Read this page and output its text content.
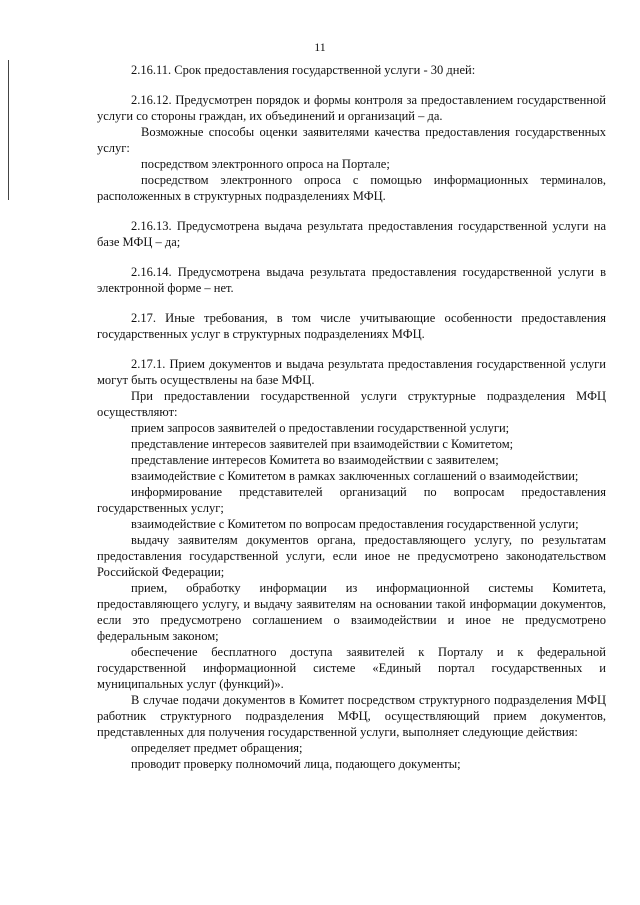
11

2.16.11. Срок предоставления государственной услуги - 30 дней:

2.16.12. Предусмотрен порядок и формы контроля за предоставлением государственной услуги со стороны граждан, их объединений и организаций – да.

Возможные способы оценки заявителями качества предоставления государственных услуг:

посредством электронного опроса на Портале;

посредством электронного опроса с помощью информационных терминалов, расположенных в структурных подразделениях МФЦ.

2.16.13. Предусмотрена выдача результата предоставления государственной услуги на базе МФЦ – да;

2.16.14. Предусмотрена выдача результата предоставления государственной услуги в электронной форме – нет.

2.17. Иные требования, в том числе учитывающие особенности предоставления государственных услуг в структурных подразделениях МФЦ.

2.17.1. Прием документов и выдача результата предоставления государственной услуги могут быть осуществлены на базе МФЦ.

При предоставлении государственной услуги структурные подразделения МФЦ осуществляют:

прием запросов заявителей о предоставлении государственной услуги;

представление интересов заявителей при взаимодействии с Комитетом;

представление интересов Комитета во взаимодействии с заявителем;

взаимодействие с Комитетом в рамках заключенных соглашений о взаимодействии;

информирование представителей организаций по вопросам предоставления государственных услуг;

взаимодействие с Комитетом по вопросам предоставления государственной услуги;

выдачу заявителям документов органа, предоставляющего услугу, по результатам предоставления государственной услуги, если иное не предусмотрено законодательством Российской Федерации;

прием, обработку информации из информационной системы Комитета, предоставляющего услугу, и выдачу заявителям на основании такой информации документов, если это предусмотрено соглашением о взаимодействии и иное не предусмотрено федеральным законом;

обеспечение бесплатного доступа заявителей к Порталу и к федеральной государственной информационной системе «Единый портал государственных и муниципальных услуг (функций)».

В случае подачи документов в Комитет посредством структурного подразделения МФЦ работник структурного подразделения МФЦ, осуществляющий прием документов, представленных для получения государственной услуги, выполняет следующие действия:

определяет предмет обращения;

проводит проверку полномочий лица, подающего документы;
